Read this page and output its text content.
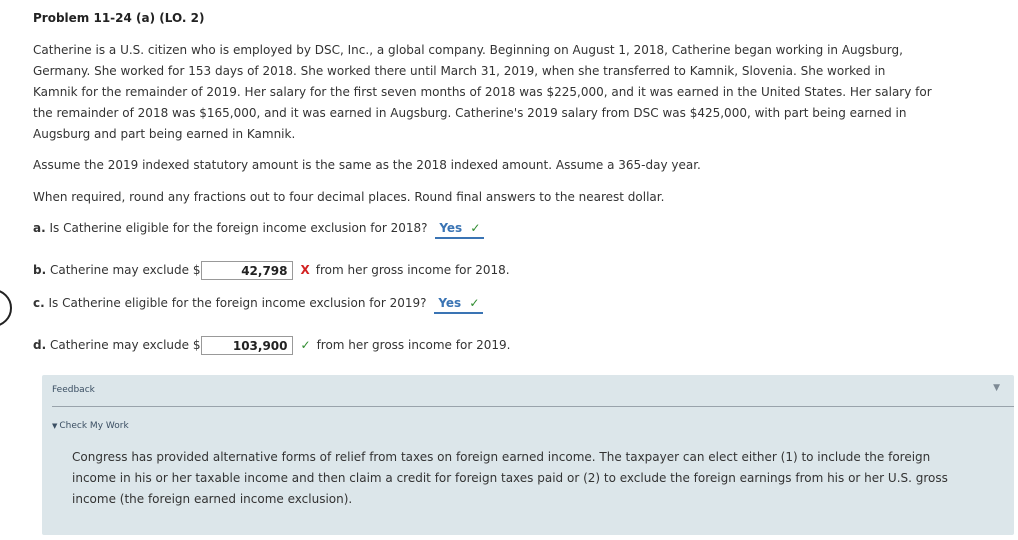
Problem 11-24 (a) (LO. 2)
Catherine is a U.S. citizen who is employed by DSC, Inc., a global company. Beginning on August 1, 2018, Catherine began working in Augsburg, Germany. She worked for 153 days of 2018. She worked there until March 31, 2019, when she transferred to Kamnik, Slovenia. She worked in Kamnik for the remainder of 2019. Her salary for the first seven months of 2018 was $225,000, and it was earned in the United States. Her salary for the remainder of 2018 was $165,000, and it was earned in Augsburg. Catherine's 2019 salary from DSC was $425,000, with part being earned in Augsburg and part being earned in Kamnik.
Assume the 2019 indexed statutory amount is the same as the 2018 indexed amount. Assume a 365-day year.
When required, round any fractions out to four decimal places. Round final answers to the nearest dollar.
a. Is Catherine eligible for the foreign income exclusion for 2018? Yes ✓
b. Catherine may exclude $	42,798 X from her gross income for 2018.
c. Is Catherine eligible for the foreign income exclusion for 2019? Yes ✓
d. Catherine may exclude $	103,900 ✓ from her gross income for 2019.
Feedback	▼
▼ Check My Work
Congress has provided alternative forms of relief from taxes on foreign earned income. The taxpayer can elect either (1) to include the foreign income in his or her taxable income and then claim a credit for foreign taxes paid or (2) to exclude the foreign earnings from his or her U.S. gross income (the foreign earned income exclusion).
